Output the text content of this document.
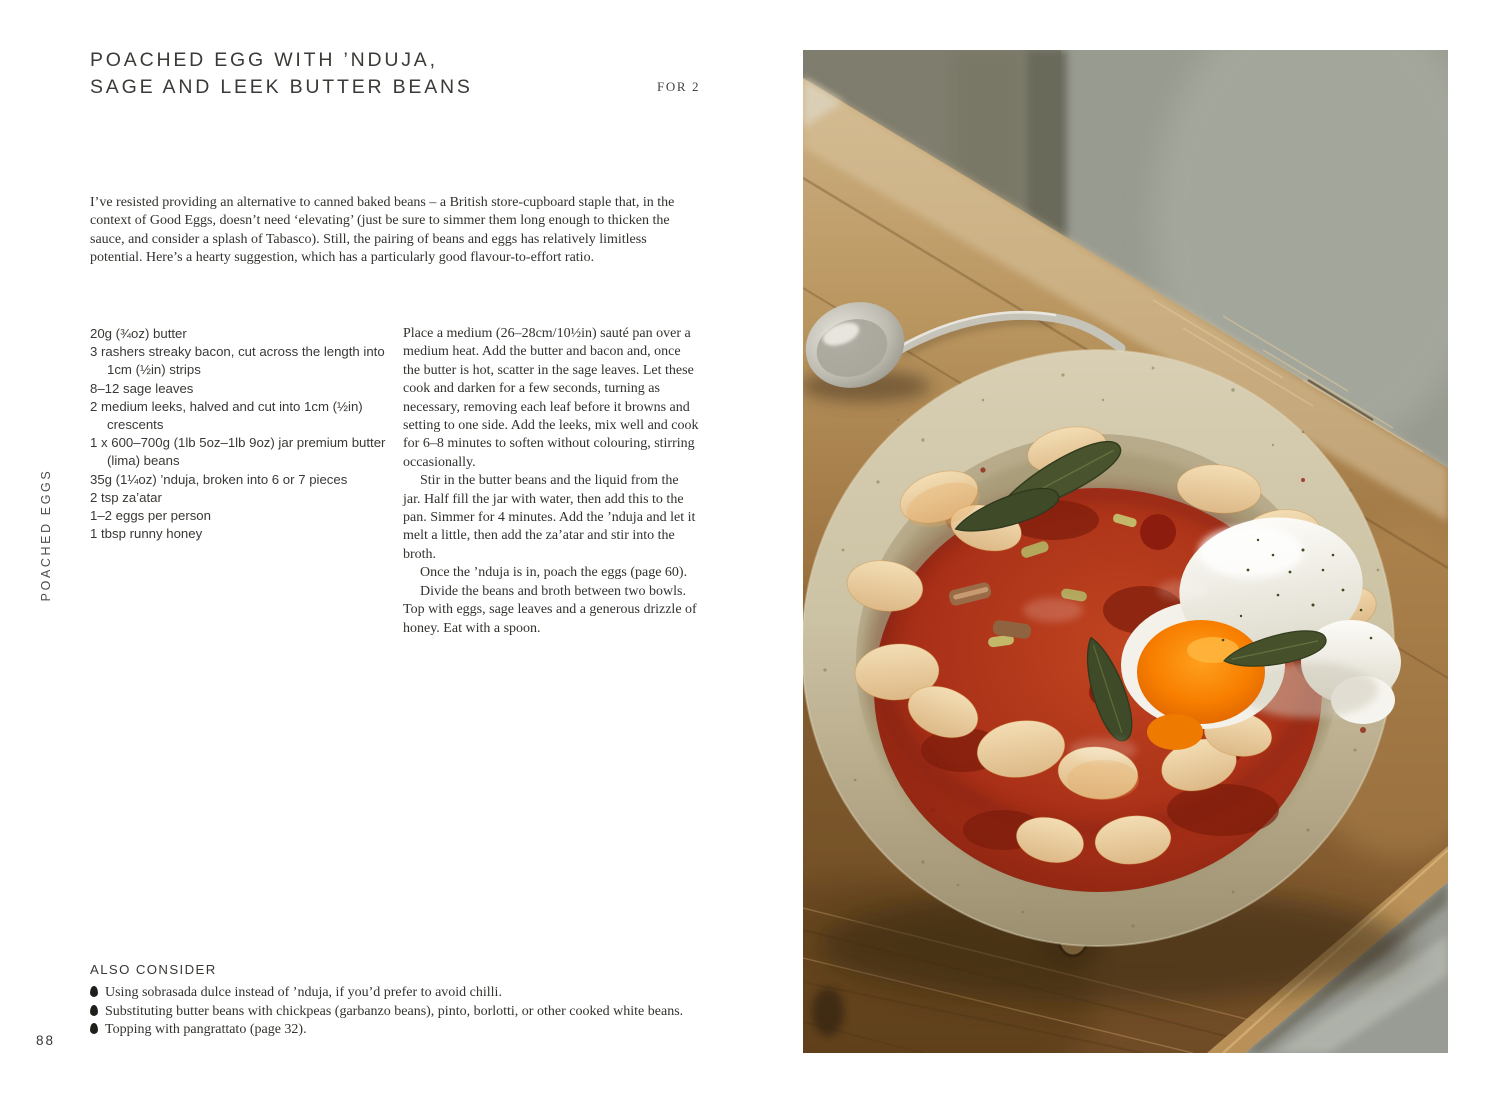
POACHED EGG WITH ’NDUJA,
SAGE AND LEEK BUTTER BEANS	FOR 2
I’ve resisted providing an alternative to canned baked beans – a British store-cupboard staple that, in the context of Good Eggs, doesn’t need ‘elevating’ (just be sure to simmer them long enough to thicken the sauce, and consider a splash of Tabasco). Still, the pairing of beans and eggs has relatively limitless potential. Here’s a hearty suggestion, which has a particularly good flavour-to-effort ratio.
20g (¾oz) butter
3 rashers streaky bacon, cut across the length into 1cm (½in) strips
8–12 sage leaves
2 medium leeks, halved and cut into 1cm (½in) crescents
1 x 600–700g (1lb 5oz–1lb 9oz) jar premium butter (lima) beans
35g (1¼oz) ’nduja, broken into 6 or 7 pieces
2 tsp za’atar
1–2 eggs per person
1 tbsp runny honey

Place a medium (26–28cm/10½in) sauté pan over a medium heat. Add the butter and bacon and, once the butter is hot, scatter in the sage leaves. Let these cook and darken for a few seconds, turning as necessary, removing each leaf before it browns and setting to one side. Add the leeks, mix well and cook for 6–8 minutes to soften without colouring, stirring occasionally.

Stir in the butter beans and the liquid from the jar. Half fill the jar with water, then add this to the pan. Simmer for 4 minutes. Add the ’nduja and let it melt a little, then add the za’atar and stir into the broth.

Once the ’nduja is in, poach the eggs (page 60).

Divide the beans and broth between two bowls. Top with eggs, sage leaves and a generous drizzle of honey. Eat with a spoon.

ALSO CONSIDER
Using sobrasada dulce instead of ’nduja, if you’d prefer to avoid chilli.
Substituting butter beans with chickpeas (garbanzo beans), pinto, borlotti, or other cooked white beans.
Topping with pangrattato (page 32).
88
POACHED EGGS
